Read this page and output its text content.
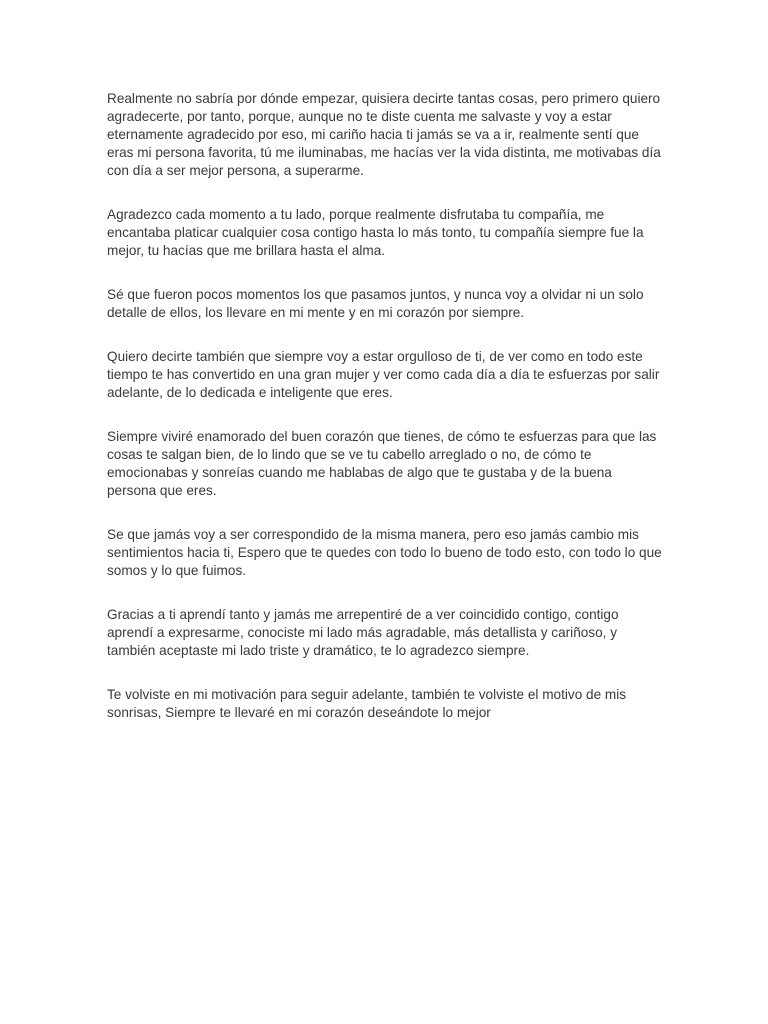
Realmente no sabría por dónde empezar, quisiera decirte tantas cosas, pero primero quiero agradecerte, por tanto, porque, aunque no te diste cuenta me salvaste y voy a estar eternamente agradecido por eso, mi cariño hacia ti jamás se va a ir, realmente sentí que eras mi persona favorita, tú me iluminabas, me hacías ver la vida distinta, me motivabas día con día a ser mejor persona, a superarme.

Agradezco cada momento a tu lado, porque realmente disfrutaba tu compañía, me encantaba platicar cualquier cosa contigo hasta lo más tonto, tu compañía siempre fue la mejor, tu hacías que me brillara hasta el alma.

Sé que fueron pocos momentos los que pasamos juntos, y nunca voy a olvidar ni un solo detalle de ellos, los llevare en mi mente y en mi corazón por siempre.

Quiero decirte también que siempre voy a estar orgulloso de ti, de ver como en todo este tiempo te has convertido en una gran mujer y ver como cada día a día te esfuerzas por salir adelante, de lo dedicada e inteligente que eres.

Siempre viviré enamorado del buen corazón que tienes, de cómo te esfuerzas para que las cosas te salgan bien, de lo lindo que se ve tu cabello arreglado o no, de cómo te emocionabas y sonreías cuando me hablabas de algo que te gustaba y de la buena persona que eres.

Se que jamás voy a ser correspondido de la misma manera, pero eso jamás cambio mis sentimientos hacia ti, Espero que te quedes con todo lo bueno de todo esto, con todo lo que somos y lo que fuimos.

Gracias a ti aprendí tanto y jamás me arrepentiré de a ver coincidido contigo, contigo aprendí a expresarme, conociste mi lado más agradable, más detallista y cariñoso, y también aceptaste mi lado triste y dramático, te lo agradezco siempre.

Te volviste en mi motivación para seguir adelante, también te volviste el motivo de mis sonrisas, Siempre te llevaré en mi corazón deseándote lo mejor
